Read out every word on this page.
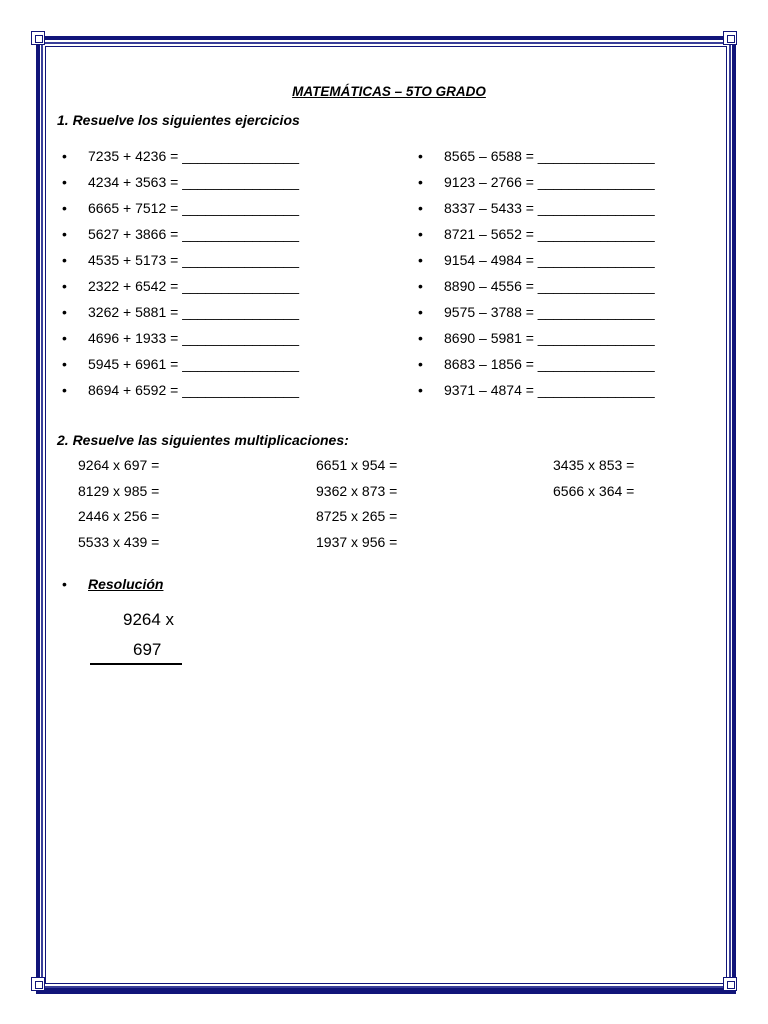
MATEMÁTICAS – 5TO GRADO
1. Resuelve los siguientes ejercicios
• 7235 + 4236 = _______________
• 4234 + 3563 = _______________
• 6665 + 7512 = _______________
• 5627 + 3866 = _______________
• 4535 + 5173 = _______________
• 2322 + 6542 = _______________
• 3262 + 5881 = _______________
• 4696 + 1933 = _______________
• 5945 + 6961 = _______________
• 8694 + 6592 = _______________
• 8565 – 6588 = _______________
• 9123 – 2766 = _______________
• 8337 – 5433 = _______________
• 8721 – 5652 = _______________
• 9154 – 4984 = _______________
• 8890 – 4556 = _______________
• 9575 – 3788 = _______________
• 8690 – 5981 = _______________
• 8683 – 1856 = _______________
• 9371 – 4874 = _______________
2. Resuelve las siguientes multiplicaciones:
9264 x 697 =
8129 x 985 =
2446 x 256 =
5533 x 439 =
6651 x 954 =
9362 x 873 =
8725 x 265 =
1937 x 956 =
3435 x 853 =
6566 x 364 =
• Resolución
9264 x
697
